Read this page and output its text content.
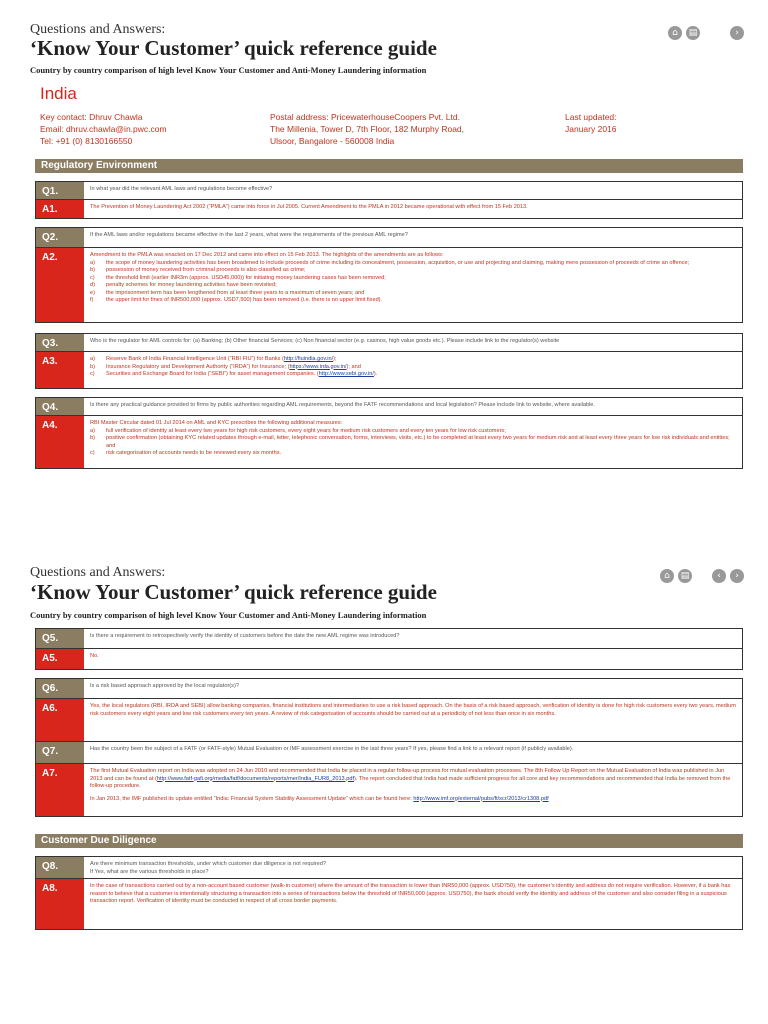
Questions and Answers:
‘Know Your Customer’ quick reference guide
Country by country comparison of high level Know Your Customer and Anti-Money Laundering information
⌂	▤	›
India
Key contact: Dhruv Chawla
Email: dhruv.chawla@in.pwc.com
Tel: +91 (0) 8130166550
Postal address: PricewaterhouseCoopers Pvt. Ltd.
The Millenia, Tower D, 7th Floor, 182 Murphy Road,
Ulsoor, Bangalore - 560008 India
Last updated:
January 2016
Regulatory Environment
Q1.	In what year did the relevant AML laws and regulations become effective?
A1.	The Prevention of Money Laundering Act 2002 (“PMLA”) came into force in Jul 2005. Current Amendment to the PMLA in 2012 became operational with effect from 15 Feb 2013.
Q2.	If the AML laws and/or regulations became effective in the last 2 years, what were the requirements of the previous AML regime?
A2.	Amendment to the PMLA was enacted on 17 Dec 2012 and came into effect on 15 Feb 2013. The highlights of the amendments are as follows:
a) the scope of money laundering activities has been broadened to include proceeds of crime including its concealment, possession, acquisition, or use and projecting and claiming, making mere possession of proceeds of crime an offence;
b) possession of money received from criminal proceeds is also classified as crime;
c) the threshold limit (earlier INR3m (approx. USD45,000)) for initiating money laundering cases has been removed;
d) penalty schemes for money laundering activities have been revisited;
e) the imprisonment term has been lengthened from at least three years to a maximum of seven years; and
f) the upper limit for fines of INR500,000 (approx. USD7,500) has been removed (i.e. there is no upper limit fixed).
Q3.	Who is the regulator for AML controls for: (a) Banking; (b) Other financial Services; (c) Non financial sector (e.g. casinos, high value goods etc.). Please include link to the regulator(s) website
A3.	a) Reserve Bank of India Financial Intelligence Unit (“RBI FIU”) for Banks (http://fiuindia.gov.in/);
b) Insurance Regulatory and Development Authority (“IRDA”) for Insurance; (https://www.irda.gov.in/); and
c) Securities and Exchange Board for India (“SEBI”) for asset management companies. (http://www.sebi.gov.in/).
Q4.	Is there any practical guidance provided to firms by public authorities regarding AML requirements, beyond the FATF recommendations and local legislation? Please include link to website, where available.
A4.	RBI Master Circular dated 01 Jul 2014 on AML and KYC prescribes the following additional measures:
a) full verification of identity at least every two years for high risk customers, every eight years for medium risk customers and every ten years for low risk customers;
b) positive confirmation (obtaining KYC related updates through e-mail, letter, telephonic conversation, forms, interviews, visits, etc.) to be completed at least every two years for medium risk and at least every three years for low risk individuals and entities; and
c) risk categorisation of accounts needs to be reviewed every six months.
Questions and Answers:
‘Know Your Customer’ quick reference guide
Country by country comparison of high level Know Your Customer and Anti-Money Laundering information
⌂	▤	‹	›
Q5.	Is there a requirement to retrospectively verify the identity of customers before the date the new AML regime was introduced?
A5.	No.
Q6.	Is a risk based approach approved by the local regulator(s)?
A6.	Yes, the local regulators (RBI, IRDA and SEBI) allow banking companies, financial institutions and intermediaries to use a risk based approach. On the basis of a risk based approach, verification of identity is done for high risk customers every two years, medium risk customers every eight years and low risk customers every ten years. A review of risk categorisation of accounts should be carried out at a periodicity of not less than once in six months.
Q7.	Has the country been the subject of a FATF (or FATF-style) Mutual Evaluation or IMF assessment exercise in the last three years? If yes, please find a link to a relevant report (if publicly available).
A7.	The first Mutual Evaluation report on India was adopted on 24 Jun 2010 and recommended that India be placed in a regular follow-up process for mutual evaluation processes. The 8th Follow Up Report on the Mutual Evaluation of India was published in Jun 2013 and can be found at (http://www.fatf-gafi.org/media/fatf/documents/reports/mer/India_FUR8_2013.pdf). The report concluded that India had made sufficient progress for all core and key recommendations and recommended that India be removed from the follow-up procedure.
In Jan 2013, the IMF published its update entitled “India: Financial System Stability Assessment Update” which can be found here: http://www.imf.org/external/pubs/ft/scr/2013/cr1308.pdf
Customer Due Diligence
Q8.	Are there minimum transaction thresholds, under which customer due diligence is not required?
If Yes, what are the various thresholds in place?
A8.	In the case of transactions carried out by a non-account based customer (walk-in customer) where the amount of the transaction is lower than INR50,000 (approx. USD750), the customer’s identity and address do not require verification. However, if a bank has reason to believe that a customer is intentionally structuring a transaction into a series of transactions below the threshold of INR50,000 (approx. USD750), the bank should verify the identity and address of the customer and also consider filing in a suspicious transaction report. Verification of identity must be conducted in respect of all cross border payments.
